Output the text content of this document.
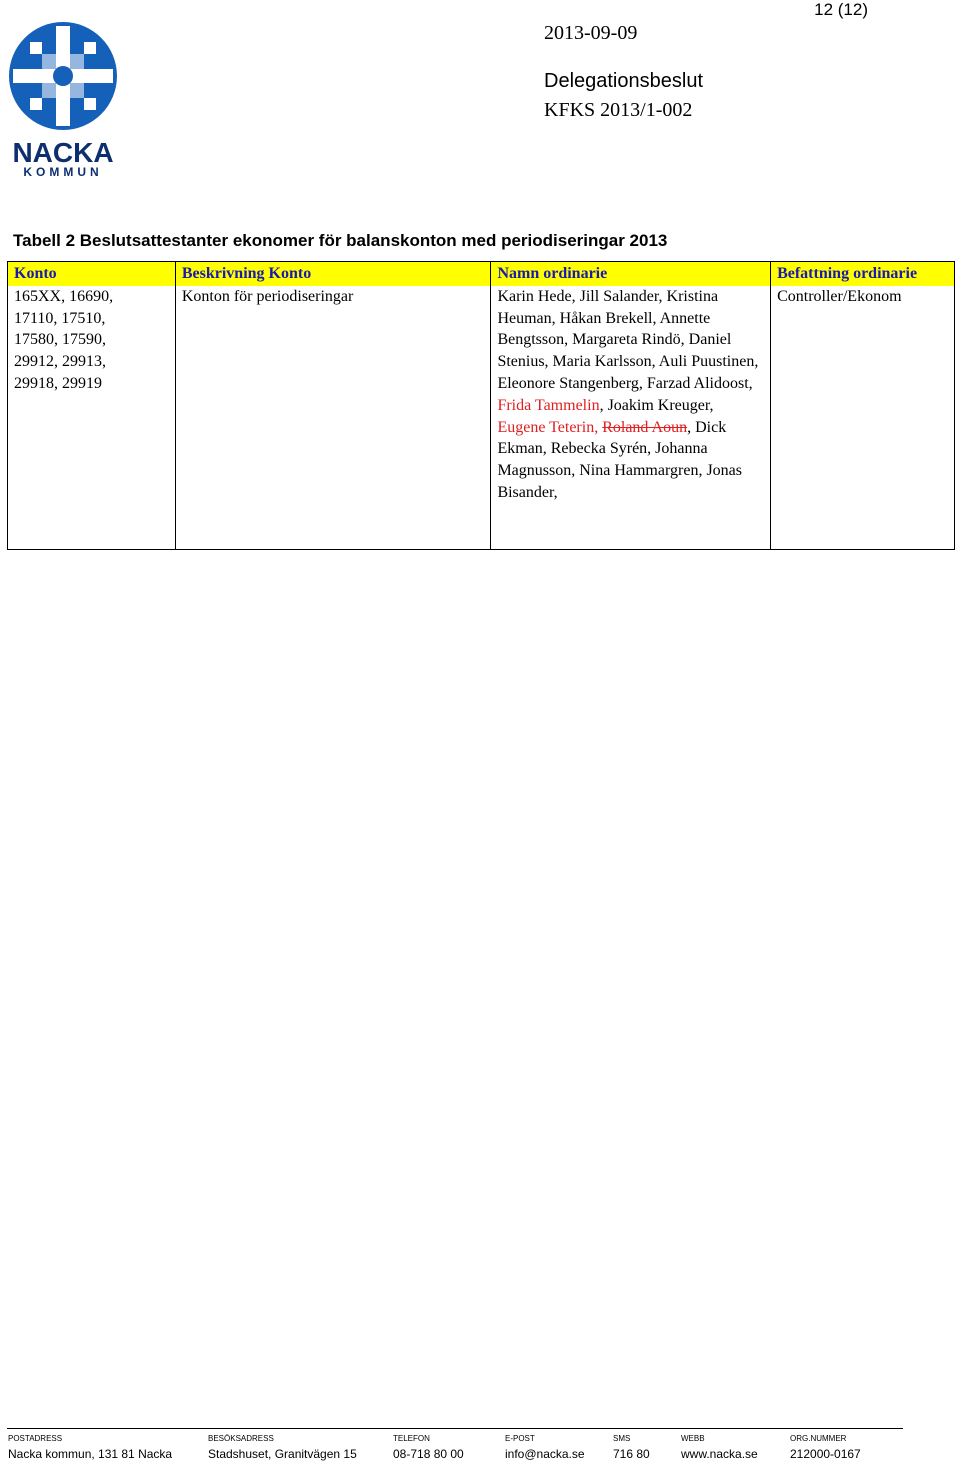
NACKA
KOMMUN
12 (12)
2013-09-09
Delegationsbeslut
KFKS 2013/1-002
Tabell 2 Beslutsattestanter ekonomer för balanskonton med periodiseringar 2013
Konto	Beskrivning Konto	Namn ordinarie	Befattning ordinarie
165XX, 16690, 17110, 17510, 17580, 17590, 29912, 29913, 29918, 29919	Konton för periodiseringar	Karin Hede, Jill Salander, Kristina Heuman, Håkan Brekell, Annette Bengtsson, Margareta Rindö, Daniel Stenius, Maria Karlsson, Auli Puustinen, Eleonore Stangenberg, Farzad Alidoost, Frida Tammelin, Joakim Kreuger, Eugene Teterin, Roland Aoun, Dick Ekman, Rebecka Syrén, Johanna Magnusson, Nina Hammargren, Jonas Bisander,	Controller/Ekonom
POSTADRESS
Nacka kommun, 131 81 Nacka
BESÖKSADRESS
Stadshuset, Granitvägen 15
TELEFON
08-718 80 00
E-POST
info@nacka.se
SMS
716 80
WEBB
www.nacka.se
ORG.NUMMER
212000-0167
